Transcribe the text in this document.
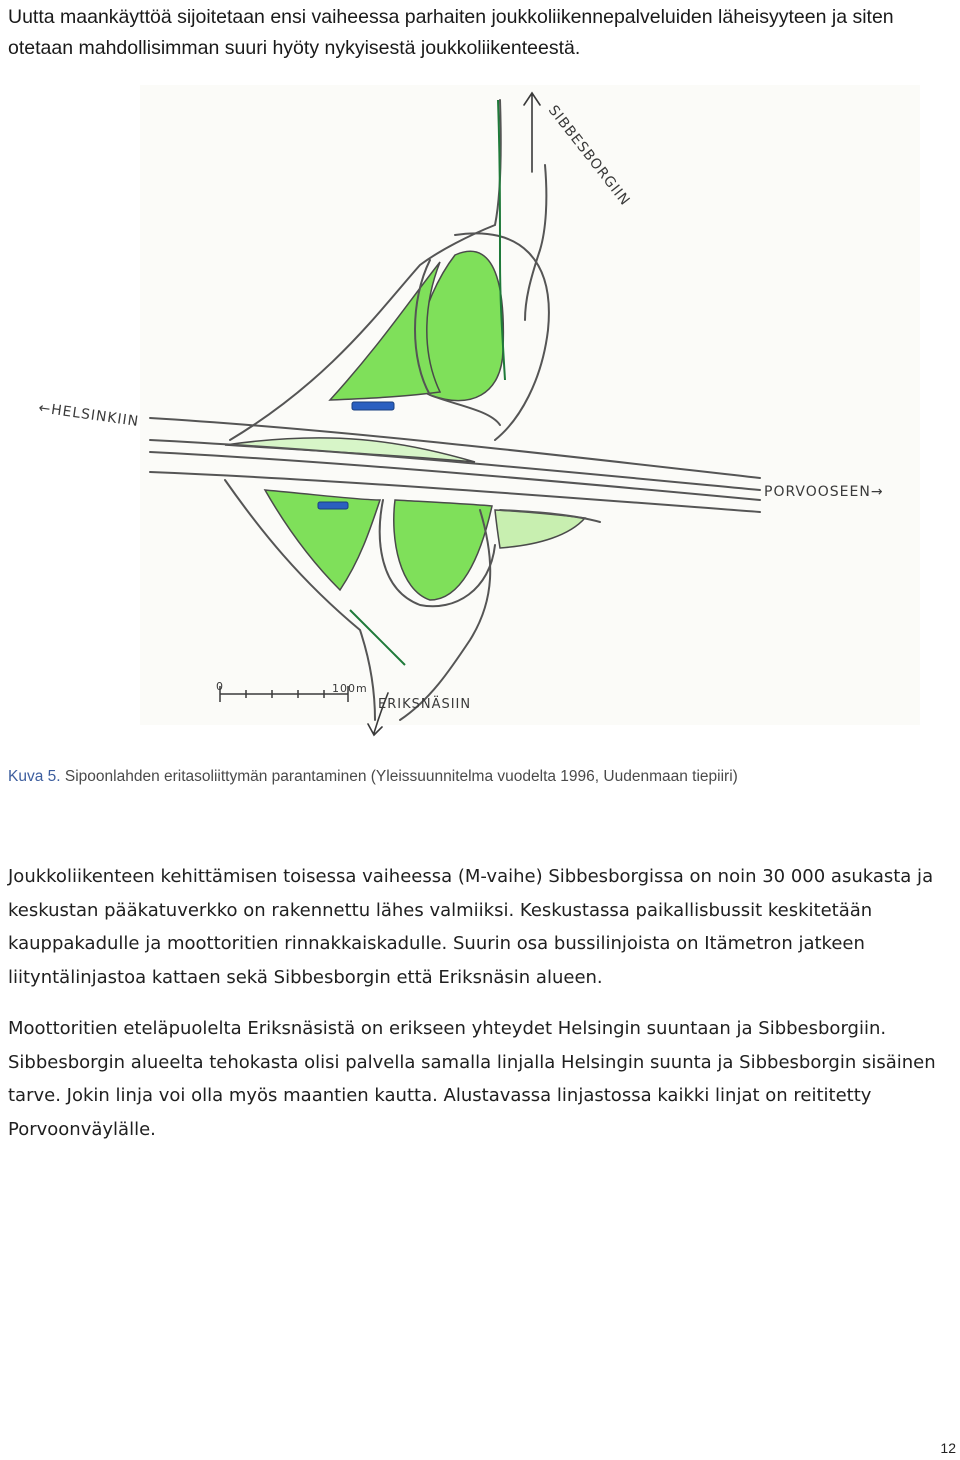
Uutta maankäyttöä sijoitetaan ensi vaiheessa parhaiten joukkoliikennepalveluiden läheisyyteen ja siten otetaan mahdollisimman suuri hyöty nykyisestä joukkoliikenteestä.

SIBBESBORGIIN
←HELSINKIIN
PORVOOSEEN→
ERIKSNÄSIIN
0	100m

Kuva 5. Sipoonlahden eritasoliittymän parantaminen (Yleissuunnitelma vuodelta 1996, Uudenmaan tiepiiri)

Joukkoliikenteen kehittämisen toisessa vaiheessa (M-vaihe) Sibbesborgissa on noin 30 000 asukasta ja keskustan pääkatuverkko on rakennettu lähes valmiiksi. Keskustassa paikallisbussit keskitetään kauppakadulle ja moottoritien rinnakkaiskadulle. Suurin osa bussilinjoista on Itämetron jatkeen liityntälinjastoa kattaen sekä Sibbesborgin että Eriksnäsin alueen.

Moottoritien eteläpuolelta Eriksnäsistä on erikseen yhteydet Helsingin suuntaan ja Sibbesborgiin. Sibbesborgin alueelta tehokasta olisi palvella samalla linjalla Helsingin suunta ja Sibbesborgin sisäinen tarve. Jokin linja voi olla myös maantien kautta. Alustavassa linjastossa kaikki linjat on reititetty Porvoonväylälle.

12
